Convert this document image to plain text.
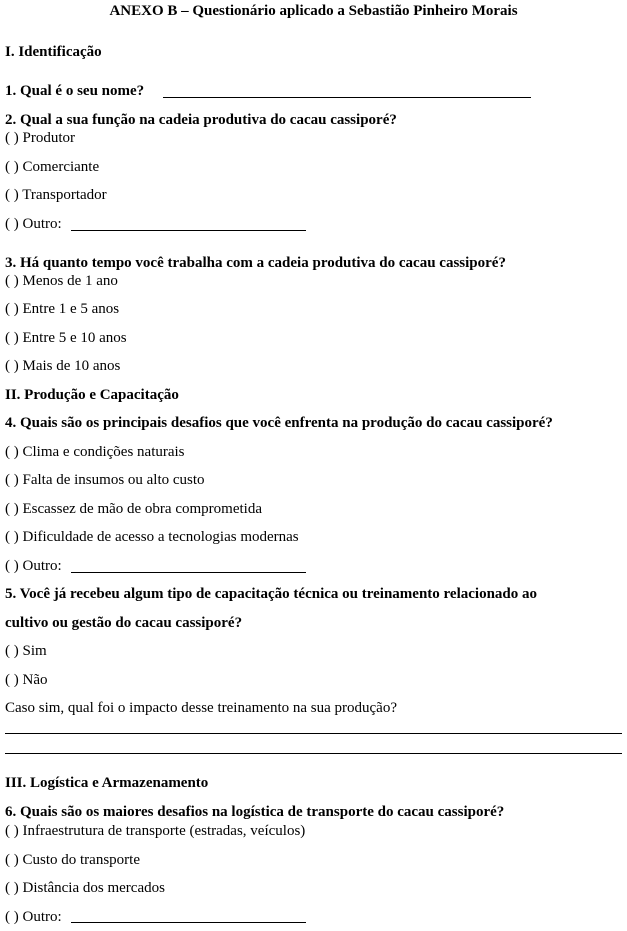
ANEXO B – Questionário aplicado a Sebastião Pinheiro Morais
I. Identificação
1. Qual é o seu nome?
2. Qual a sua função na cadeia produtiva do cacau cassiporé?
( ) Produtor
( ) Comerciante
( ) Transportador
( ) Outro:
3. Há quanto tempo você trabalha com a cadeia produtiva do cacau cassiporé?
( ) Menos de 1 ano
( ) Entre 1 e 5 anos
( ) Entre 5 e 10 anos
( ) Mais de 10 anos
II. Produção e Capacitação
4. Quais são os principais desafios que você enfrenta na produção do cacau cassiporé?
( ) Clima e condições naturais
( ) Falta de insumos ou alto custo
( ) Escassez de mão de obra comprometida
( ) Dificuldade de acesso a tecnologias modernas
( ) Outro:
5. Você já recebeu algum tipo de capacitação técnica ou treinamento relacionado ao
cultivo ou gestão do cacau cassiporé?
( ) Sim
( ) Não
Caso sim, qual foi o impacto desse treinamento na sua produção?
III. Logística e Armazenamento
6. Quais são os maiores desafios na logística de transporte do cacau cassiporé?
( ) Infraestrutura de transporte (estradas, veículos)
( ) Custo do transporte
( ) Distância dos mercados
( ) Outro:
